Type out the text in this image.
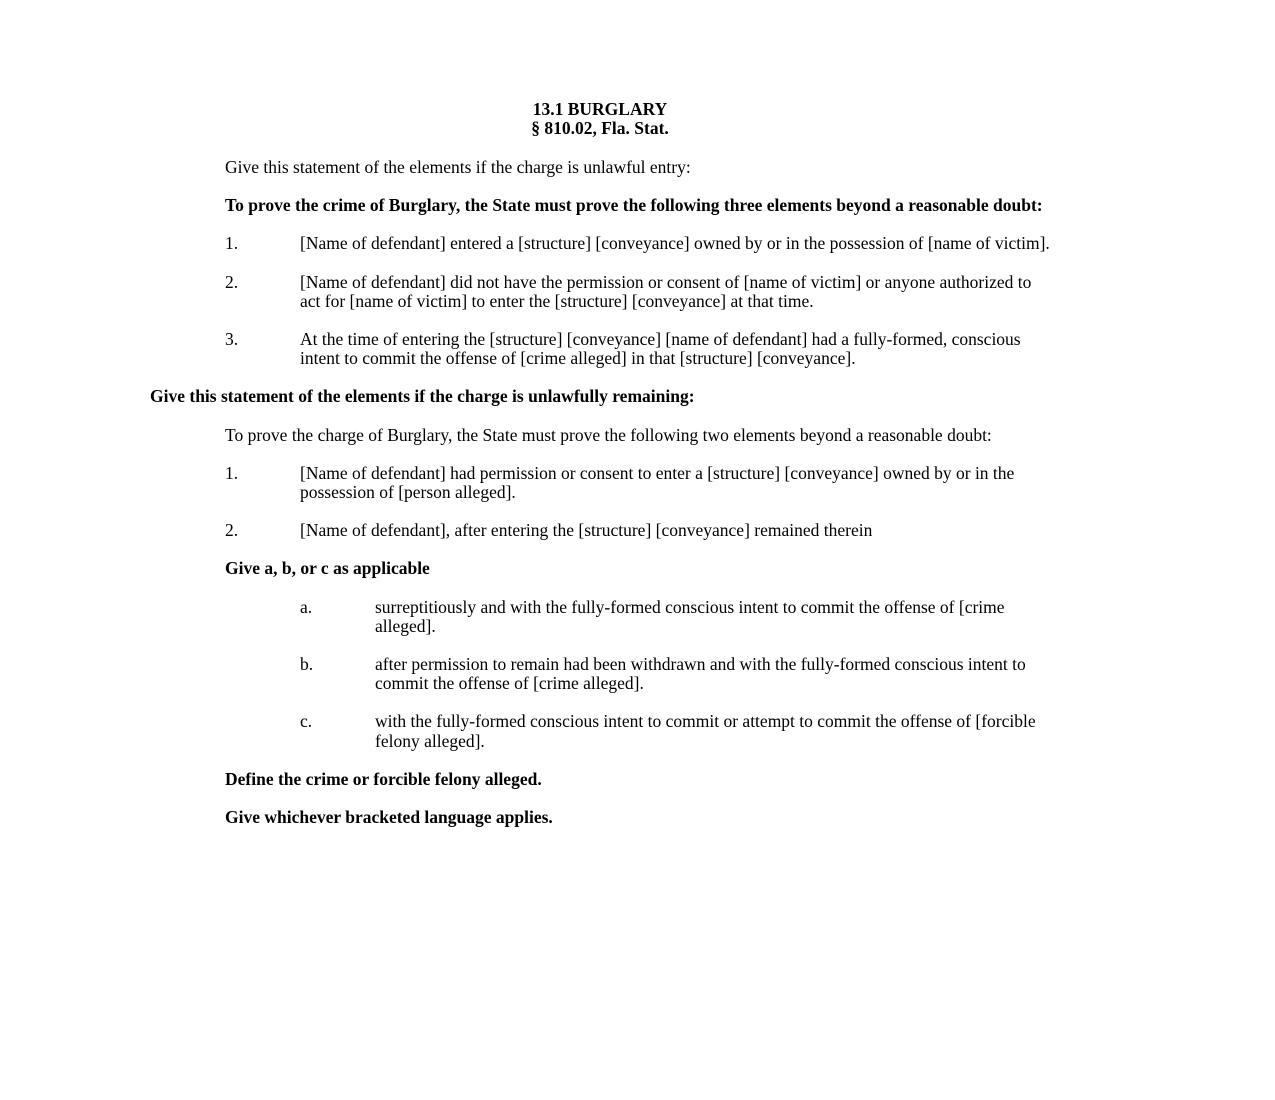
13.1 BURGLARY
§ 810.02, Fla. Stat.

Give this statement of the elements if the charge is unlawful entry:

To prove the crime of Burglary, the State must prove the following three elements beyond a reasonable doubt:

1.	[Name of defendant] entered a [structure] [conveyance] owned by or in the possession of [name of victim].
2.	[Name of defendant] did not have the permission or consent of [name of victim] or anyone authorized to act for [name of victim] to enter the [structure] [conveyance] at that time.
3.	At the time of entering the [structure] [conveyance] [name of defendant] had a fully-formed, conscious intent to commit the offense of [crime alleged] in that [structure] [conveyance].

Give this statement of the elements if the charge is unlawfully remaining:

To prove the charge of Burglary, the State must prove the following two elements beyond a reasonable doubt:

1.	[Name of defendant] had permission or consent to enter a [structure] [conveyance] owned by or in the possession of [person alleged].
2.	[Name of defendant], after entering the [structure] [conveyance] remained therein

Give a, b, or c as applicable

a.	surreptitiously and with the fully-formed conscious intent to commit the offense of [crime alleged].
b.	after permission to remain had been withdrawn and with the fully-formed conscious intent to commit the offense of [crime alleged].
c.	with the fully-formed conscious intent to commit or attempt to commit the offense of [forcible felony alleged].

Define the crime or forcible felony alleged.

Give whichever bracketed language applies.
